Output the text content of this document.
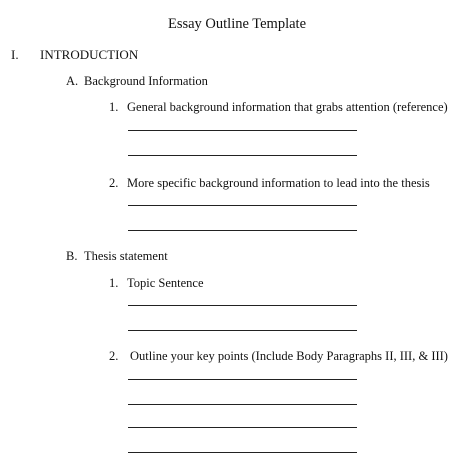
Essay Outline Template
I. INTRODUCTION
A. Background Information
1. General background information that grabs attention (reference)
2. More specific background information to lead into the thesis
B. Thesis statement
1. Topic Sentence
2. Outline your key points (Include Body Paragraphs II, III, & III)
